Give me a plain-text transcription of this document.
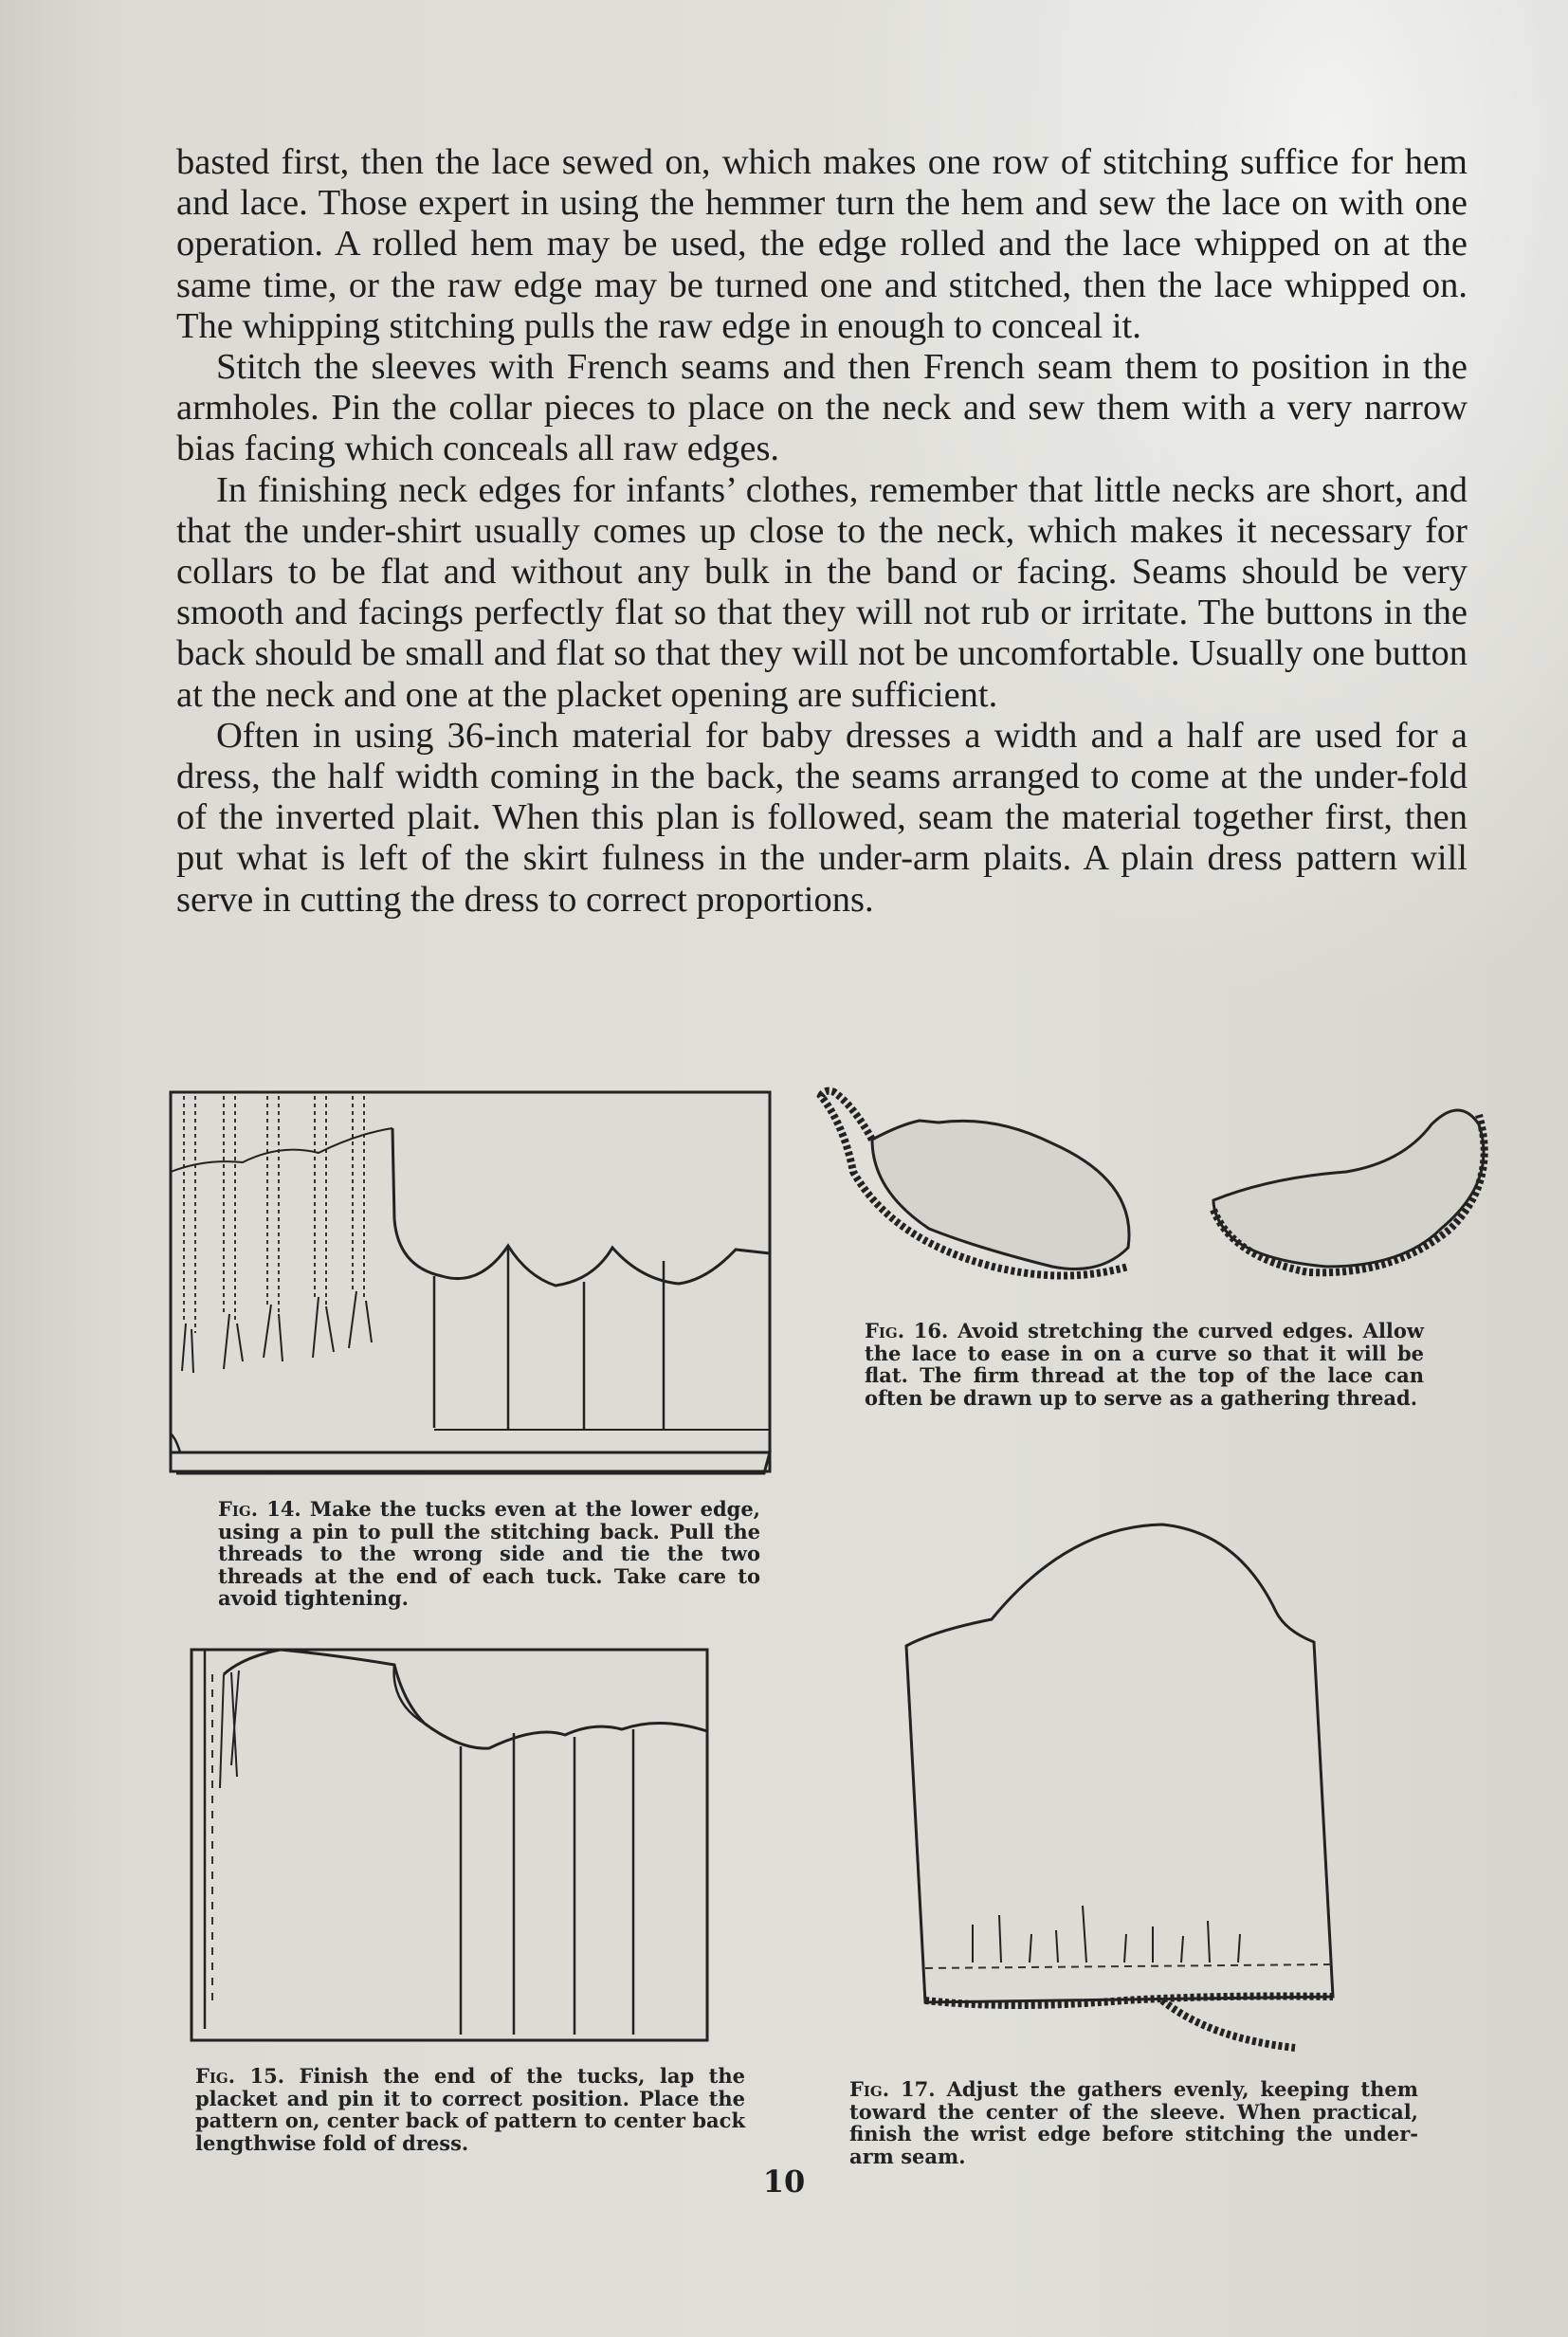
basted first, then the lace sewed on, which makes one row of stitching suffice for hem and lace. Those expert in using the hemmer turn the hem and sew the lace on with one operation. A rolled hem may be used, the edge rolled and the lace whipped on at the same time, or the raw edge may be turned one and stitched, then the lace whipped on. The whipping stitching pulls the raw edge in enough to conceal it.

Stitch the sleeves with French seams and then French seam them to position in the armholes. Pin the collar pieces to place on the neck and sew them with a very narrow bias facing which conceals all raw edges.

In finishing neck edges for infants’ clothes, remember that little necks are short, and that the under-shirt usually comes up close to the neck, which makes it necessary for collars to be flat and without any bulk in the band or facing. Seams should be very smooth and facings perfectly flat so that they will not rub or irritate. The buttons in the back should be small and flat so that they will not be uncomfortable. Usually one button at the neck and one at the placket opening are sufficient.

Often in using 36-inch material for baby dresses a width and a half are used for a dress, the half width coming in the back, the seams arranged to come at the under-fold of the inverted plait. When this plan is followed, seam the material together first, then put what is left of the skirt fulness in the under-arm plaits. A plain dress pattern will serve in cutting the dress to correct proportions.

Fig. 14. Make the tucks even at the lower edge, using a pin to pull the stitching back. Pull the threads to the wrong side and tie the two threads at the end of each tuck. Take care to avoid tightening.
Fig. 15. Finish the end of the tucks, lap the placket and pin it to correct position. Place the pattern on, center back of pattern to center back lengthwise fold of dress.
Fig. 16. Avoid stretching the curved edges. Allow the lace to ease in on a curve so that it will be flat. The firm thread at the top of the lace can often be drawn up to serve as a gathering thread.
Fig. 17. Adjust the gathers evenly, keeping them toward the center of the sleeve. When practical, finish the wrist edge before stitching the under-arm seam.
10
